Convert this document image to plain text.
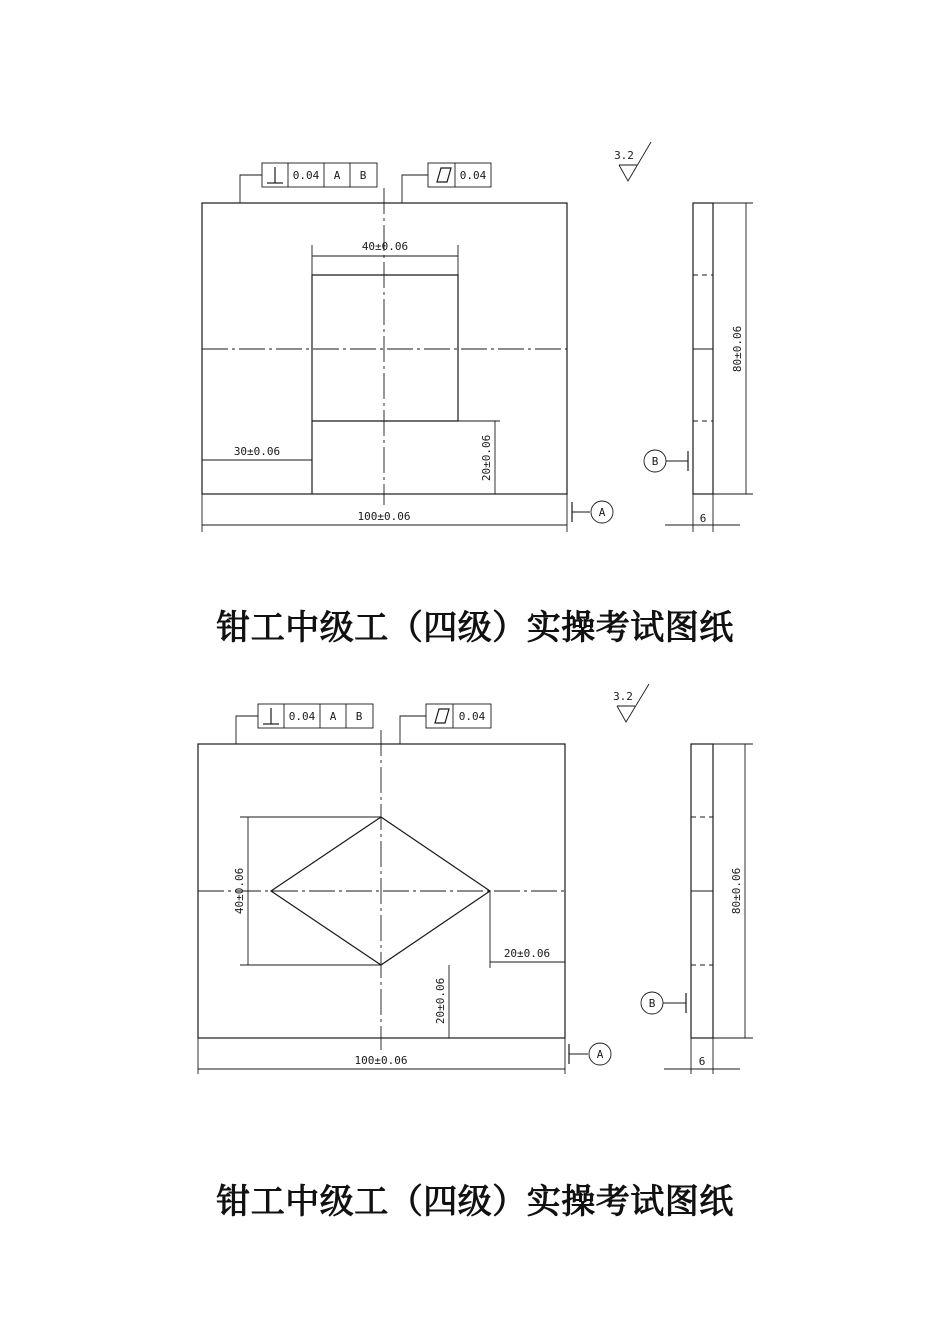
40±0.06
30±0.06	20±0.06
100±0.06	A
0.04 A B	0.04
3.2
80±0.06
6
B
钳工中级工（四级）实操考试图纸
40±0.06
20±0.06
20±0.06
100±0.06	A
0.04 A B	0.04
3.2
80±0.06
6
B
钳工中级工（四级）实操考试图纸
